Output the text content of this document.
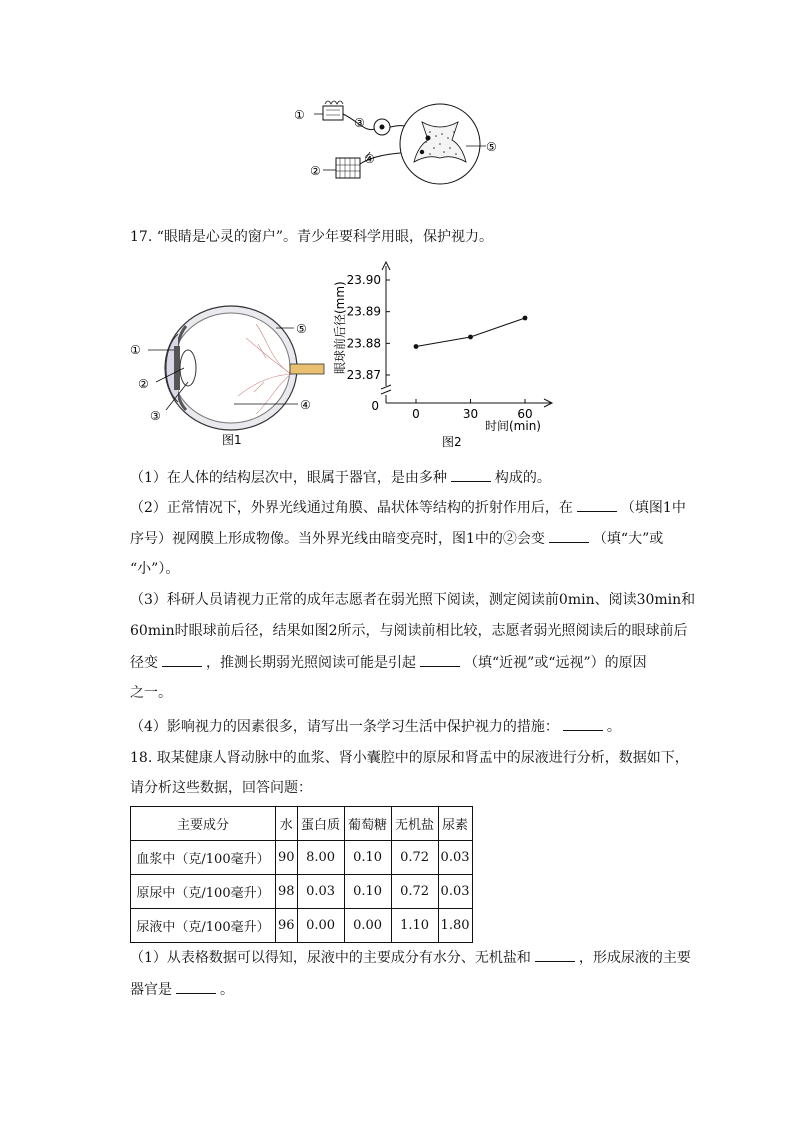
①
②
③
④
⑤
17. “眼睛是心灵的窗户”。青少年要科学用眼，保护视力。
①
②
③
⑤
④
图1
眼球前后径(mm)
23.87
23.88
23.89
23.90
0	30	60
0
时间(min)
图2
（1）在人体的结构层次中，眼属于器官，是由多种	构成的。
（2）正常情况下，外界光线通过角膜、晶状体等结构的折射作用后，在	（填图1中
序号）视网膜上形成物像。当外界光线由暗变亮时，图1中的②会变	（填“大”或
“小”）。
（3）科研人员请视力正常的成年志愿者在弱光照下阅读，测定阅读前0min、阅读30min和
60min时眼球前后径，结果如图2所示，与阅读前相比较，志愿者弱光照阅读后的眼球前后
径变	，推测长期弱光照阅读可能是引起	（填“近视”或“远视”）的原因
之一。
（4）影响视力的因素很多，请写出一条学习生活中保护视力的措施：	。
18. 取某健康人肾动脉中的血浆、肾小囊腔中的原尿和肾盂中的尿液进行分析，数据如下，
请分析这些数据，回答问题：
主要成分	水	蛋白质	葡萄糖	无机盐	尿素
血浆中（克/100毫升）	90	8.00	0.10	0.72	0.03
原尿中（克/100毫升）	98	0.03	0.10	0.72	0.03
尿液中（克/100毫升）	96	0.00	0.00	1.10	1.80
（1）从表格数据可以得知，尿液中的主要成分有水分、无机盐和	，形成尿液的主要
器官是	。
